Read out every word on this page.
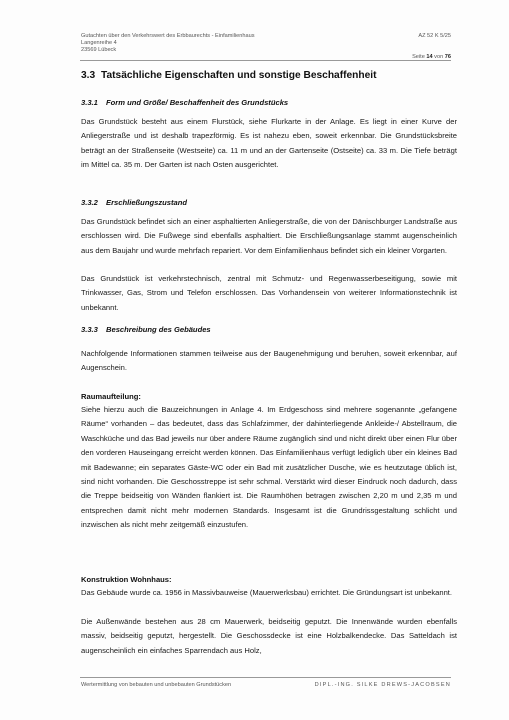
Gutachten über den Verkehrswert des Erbbaurechts - Einfamilienhaus
Langenreihe 4
23569 Lübeck
AZ 52 K 5/25
Seite 14 von 76
3.3 Tatsächliche Eigenschaften und sonstige Beschaffenheit
3.3.1 Form und Größe/ Beschaffenheit des Grundstücks

Das Grundstück besteht aus einem Flurstück, siehe Flurkarte in der Anlage. Es liegt in einer Kurve der Anliegerstraße und ist deshalb trapezförmig. Es ist nahezu eben, soweit erkennbar. Die Grundstücksbreite beträgt an der Straßenseite (Westseite) ca. 11 m und an der Gartenseite (Ostseite) ca. 33 m. Die Tiefe beträgt im Mittel ca. 35 m. Der Garten ist nach Osten ausgerichtet.

3.3.2 Erschließungszustand

Das Grundstück befindet sich an einer asphaltierten Anliegerstraße, die von der Dänischburger Landstraße aus erschlossen wird. Die Fußwege sind ebenfalls asphaltiert. Die Erschließungsanlage stammt augenscheinlich aus dem Baujahr und wurde mehrfach repariert. Vor dem Einfamilienhaus befindet sich ein kleiner Vorgarten.

Das Grundstück ist verkehrstechnisch, zentral mit Schmutz- und Regenwasserbeseitigung, sowie mit Trinkwasser, Gas, Strom und Telefon erschlossen. Das Vorhandensein von weiterer Informationstechnik ist unbekannt.

3.3.3 Beschreibung des Gebäudes

Nachfolgende Informationen stammen teilweise aus der Baugenehmigung und beruhen, soweit erkennbar, auf Augenschein.

Raumaufteilung:

Siehe hierzu auch die Bauzeichnungen in Anlage 4. Im Erdgeschoss sind mehrere sogenannte „gefangene Räume“ vorhanden – das bedeutet, dass das Schlafzimmer, der dahinterliegende Ankleide-/ Abstellraum, die Waschküche und das Bad jeweils nur über andere Räume zugänglich sind und nicht direkt über einen Flur über den vorderen Hauseingang erreicht werden können. Das Einfamilienhaus verfügt lediglich über ein kleines Bad mit Badewanne; ein separates Gäste-WC oder ein Bad mit zusätzlicher Dusche, wie es heutzutage üblich ist, sind nicht vorhanden. Die Geschosstreppe ist sehr schmal. Verstärkt wird dieser Eindruck noch dadurch, dass die Treppe beidseitig von Wänden flankiert ist. Die Raumhöhen betragen zwischen 2,20 m und 2,35 m und entsprechen damit nicht mehr modernen Standards. Insgesamt ist die Grundrissgestaltung schlicht und inzwischen als nicht mehr zeitgemäß einzustufen.

Konstruktion Wohnhaus:

Das Gebäude wurde ca. 1956 in Massivbauweise (Mauerwerksbau) errichtet. Die Gründungsart ist unbekannt.

Die Außenwände bestehen aus 28 cm Mauerwerk, beidseitig geputzt. Die Innenwände wurden ebenfalls massiv, beidseitig geputzt, hergestellt. Die Geschossdecke ist eine Holzbalkendecke. Das Satteldach ist augenscheinlich ein einfaches Sparrendach aus Holz,

Wertermittlung von bebauten und unbebauten Grundstücken	DIPL.-ING. SILKE DREWS-JACOBSEN
